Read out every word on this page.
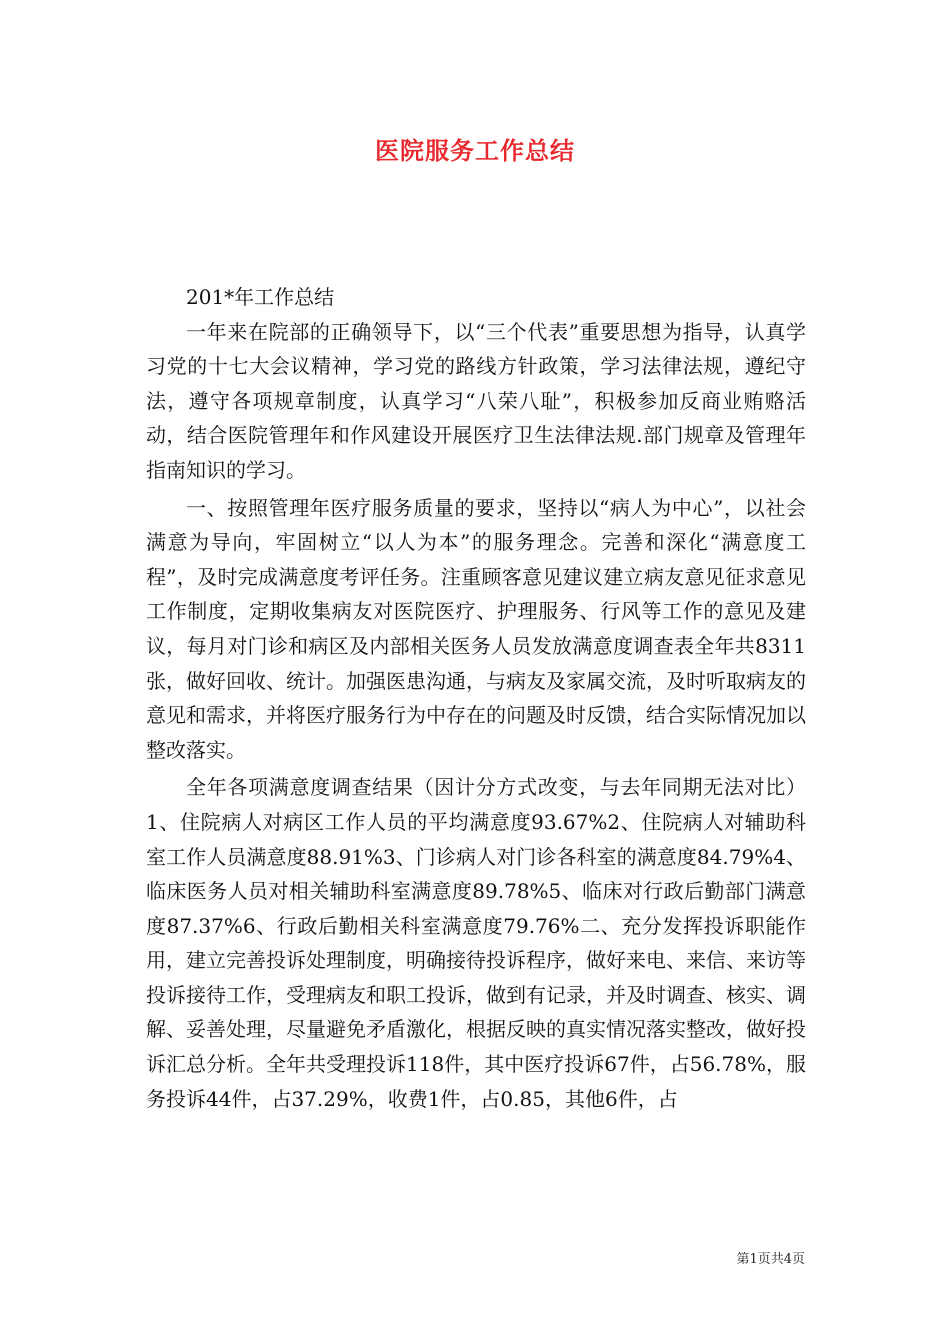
医院服务工作总结

201*年工作总结

一年来在院部的正确领导下，以“三个代表”重要思想为指导，认真学习党的十七大会议精神，学习党的路线方针政策，学习法律法规，遵纪守法，遵守各项规章制度，认真学习“八荣八耻”，积极参加反商业贿赂活动，结合医院管理年和作风建设开展医疗卫生法律法规.部门规章及管理年指南知识的学习。

一、按照管理年医疗服务质量的要求，坚持以“病人为中心”，以社会满意为导向，牢固树立“以人为本”的服务理念。完善和深化“满意度工程”，及时完成满意度考评任务。注重顾客意见建议建立病友意见征求意见工作制度，定期收集病友对医院医疗、护理服务、行风等工作的意见及建议，每月对门诊和病区及内部相关医务人员发放满意度调查表全年共8311张，做好回收、统计。加强医患沟通，与病友及家属交流，及时听取病友的意见和需求，并将医疗服务行为中存在的问题及时反馈，结合实际情况加以整改落实。

全年各项满意度调查结果（因计分方式改变，与去年同期无法对比）1、住院病人对病区工作人员的平均满意度93.67%2、住院病人对辅助科室工作人员满意度88.91%3、门诊病人对门诊各科室的满意度84.79%4、临床医务人员对相关辅助科室满意度89.78%5、临床对行政后勤部门满意度87.37%6、行政后勤相关科室满意度79.76%二、充分发挥投诉职能作用，建立完善投诉处理制度，明确接待投诉程序，做好来电、来信、来访等投诉接待工作，受理病友和职工投诉，做到有记录，并及时调查、核实、调解、妥善处理，尽量避免矛盾激化，根据反映的真实情况落实整改，做好投诉汇总分析。全年共受理投诉118件，其中医疗投诉67件，占56.78%，服务投诉44件，占37.29%，收费1件，占0.85，其他6件，占

第1页共4页
